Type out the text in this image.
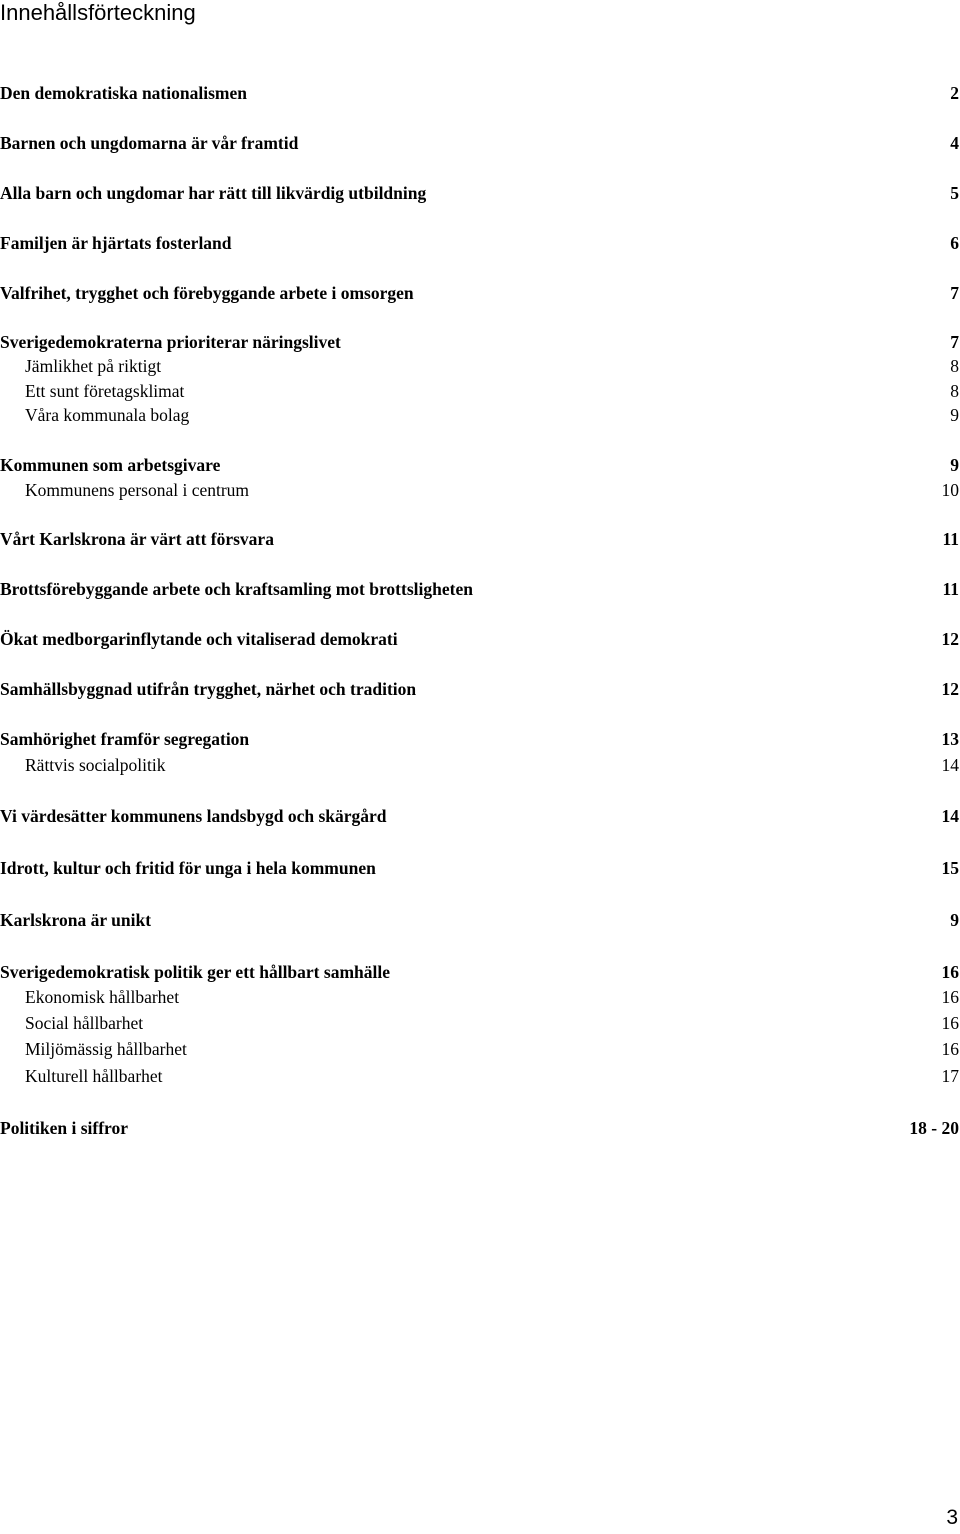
Innehållsförteckning
Den demokratiska nationalismen	2
Barnen och ungdomarna är vår framtid	4
Alla barn och ungdomar har rätt till likvärdig utbildning	5
Familjen är hjärtats fosterland	6
Valfrihet, trygghet och förebyggande arbete i omsorgen	7
Sverigedemokraterna prioriterar näringslivet	7
Jämlikhet på riktigt	8
Ett sunt företagsklimat	8
Våra kommunala bolag	9
Kommunen som arbetsgivare	9
Kommunens personal i centrum	10
Vårt Karlskrona är värt att försvara	11
Brottsförebyggande arbete och kraftsamling mot brottsligheten	11
Ökat medborgarinflytande och vitaliserad demokrati	12
Samhällsbyggnad utifrån trygghet, närhet och tradition	12
Samhörighet framför segregation	13
Rättvis socialpolitik	14
Vi värdesätter kommunens landsbygd och skärgård	14
Idrott, kultur och fritid för unga i hela kommunen	15
Karlskrona är unikt	9
Sverigedemokratisk politik ger ett hållbart samhälle	16
Ekonomisk hållbarhet	16
Social hållbarhet	16
Miljömässig hållbarhet	16
Kulturell hållbarhet	17
Politiken i siffror	18 - 20
3
